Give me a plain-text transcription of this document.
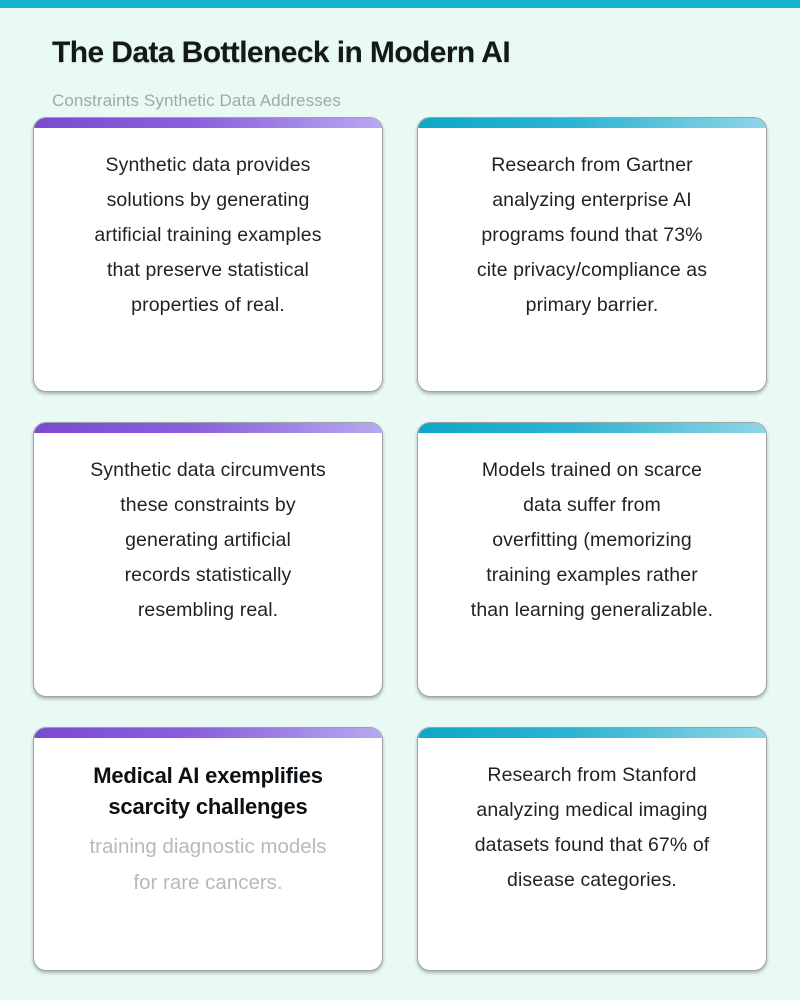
The Data Bottleneck in Modern AI
Constraints Synthetic Data Addresses
Synthetic data provides
solutions by generating
artificial training examples
that preserve statistical
properties of real.
Research from Gartner
analyzing enterprise AI
programs found that 73%
cite privacy/compliance as
primary barrier.
Synthetic data circumvents
these constraints by
generating artificial
records statistically
resembling real.
Models trained on scarce
data suffer from
overfitting (memorizing
training examples rather
than learning generalizable.
Medical AI exemplifies
scarcity challenges
training diagnostic models
for rare cancers.
Research from Stanford
analyzing medical imaging
datasets found that 67% of
disease categories.
